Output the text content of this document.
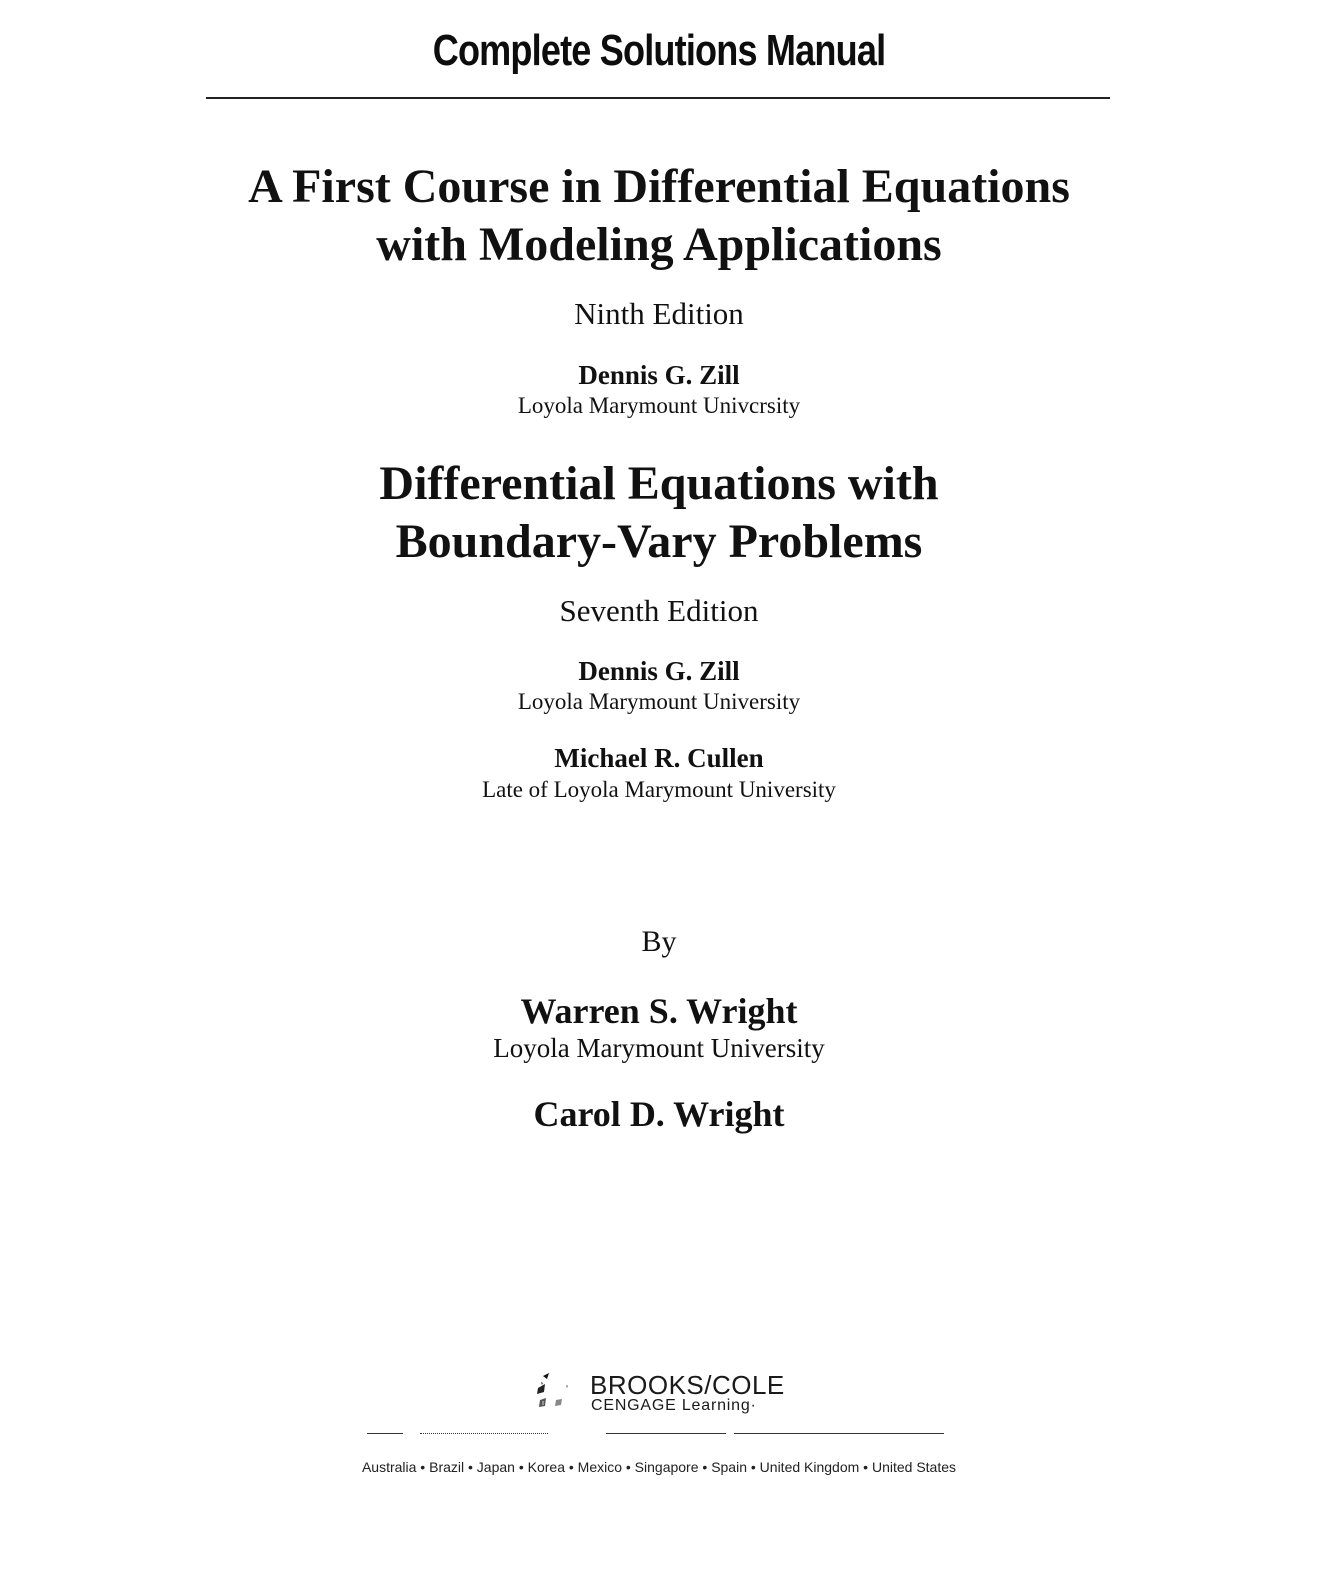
Complete Solutions Manual
A First Course in Differential Equations
with Modeling Applications
Ninth Edition
Dennis G. Zill
Loyola Marymount Univcrsity
Differential Equations with
Boundary-Vary Problems
Seventh Edition
Dennis G. Zill
Loyola Marymount University
Michael R. Cullen
Late of Loyola Marymount University
By
Warren S. Wright
Loyola Marymount University
Carol D. Wright
BROOKS/COLE
CENGAGE Learning·
Australia • Brazil • Japan • Korea • Mexico • Singapore • Spain • United Kingdom • United States
